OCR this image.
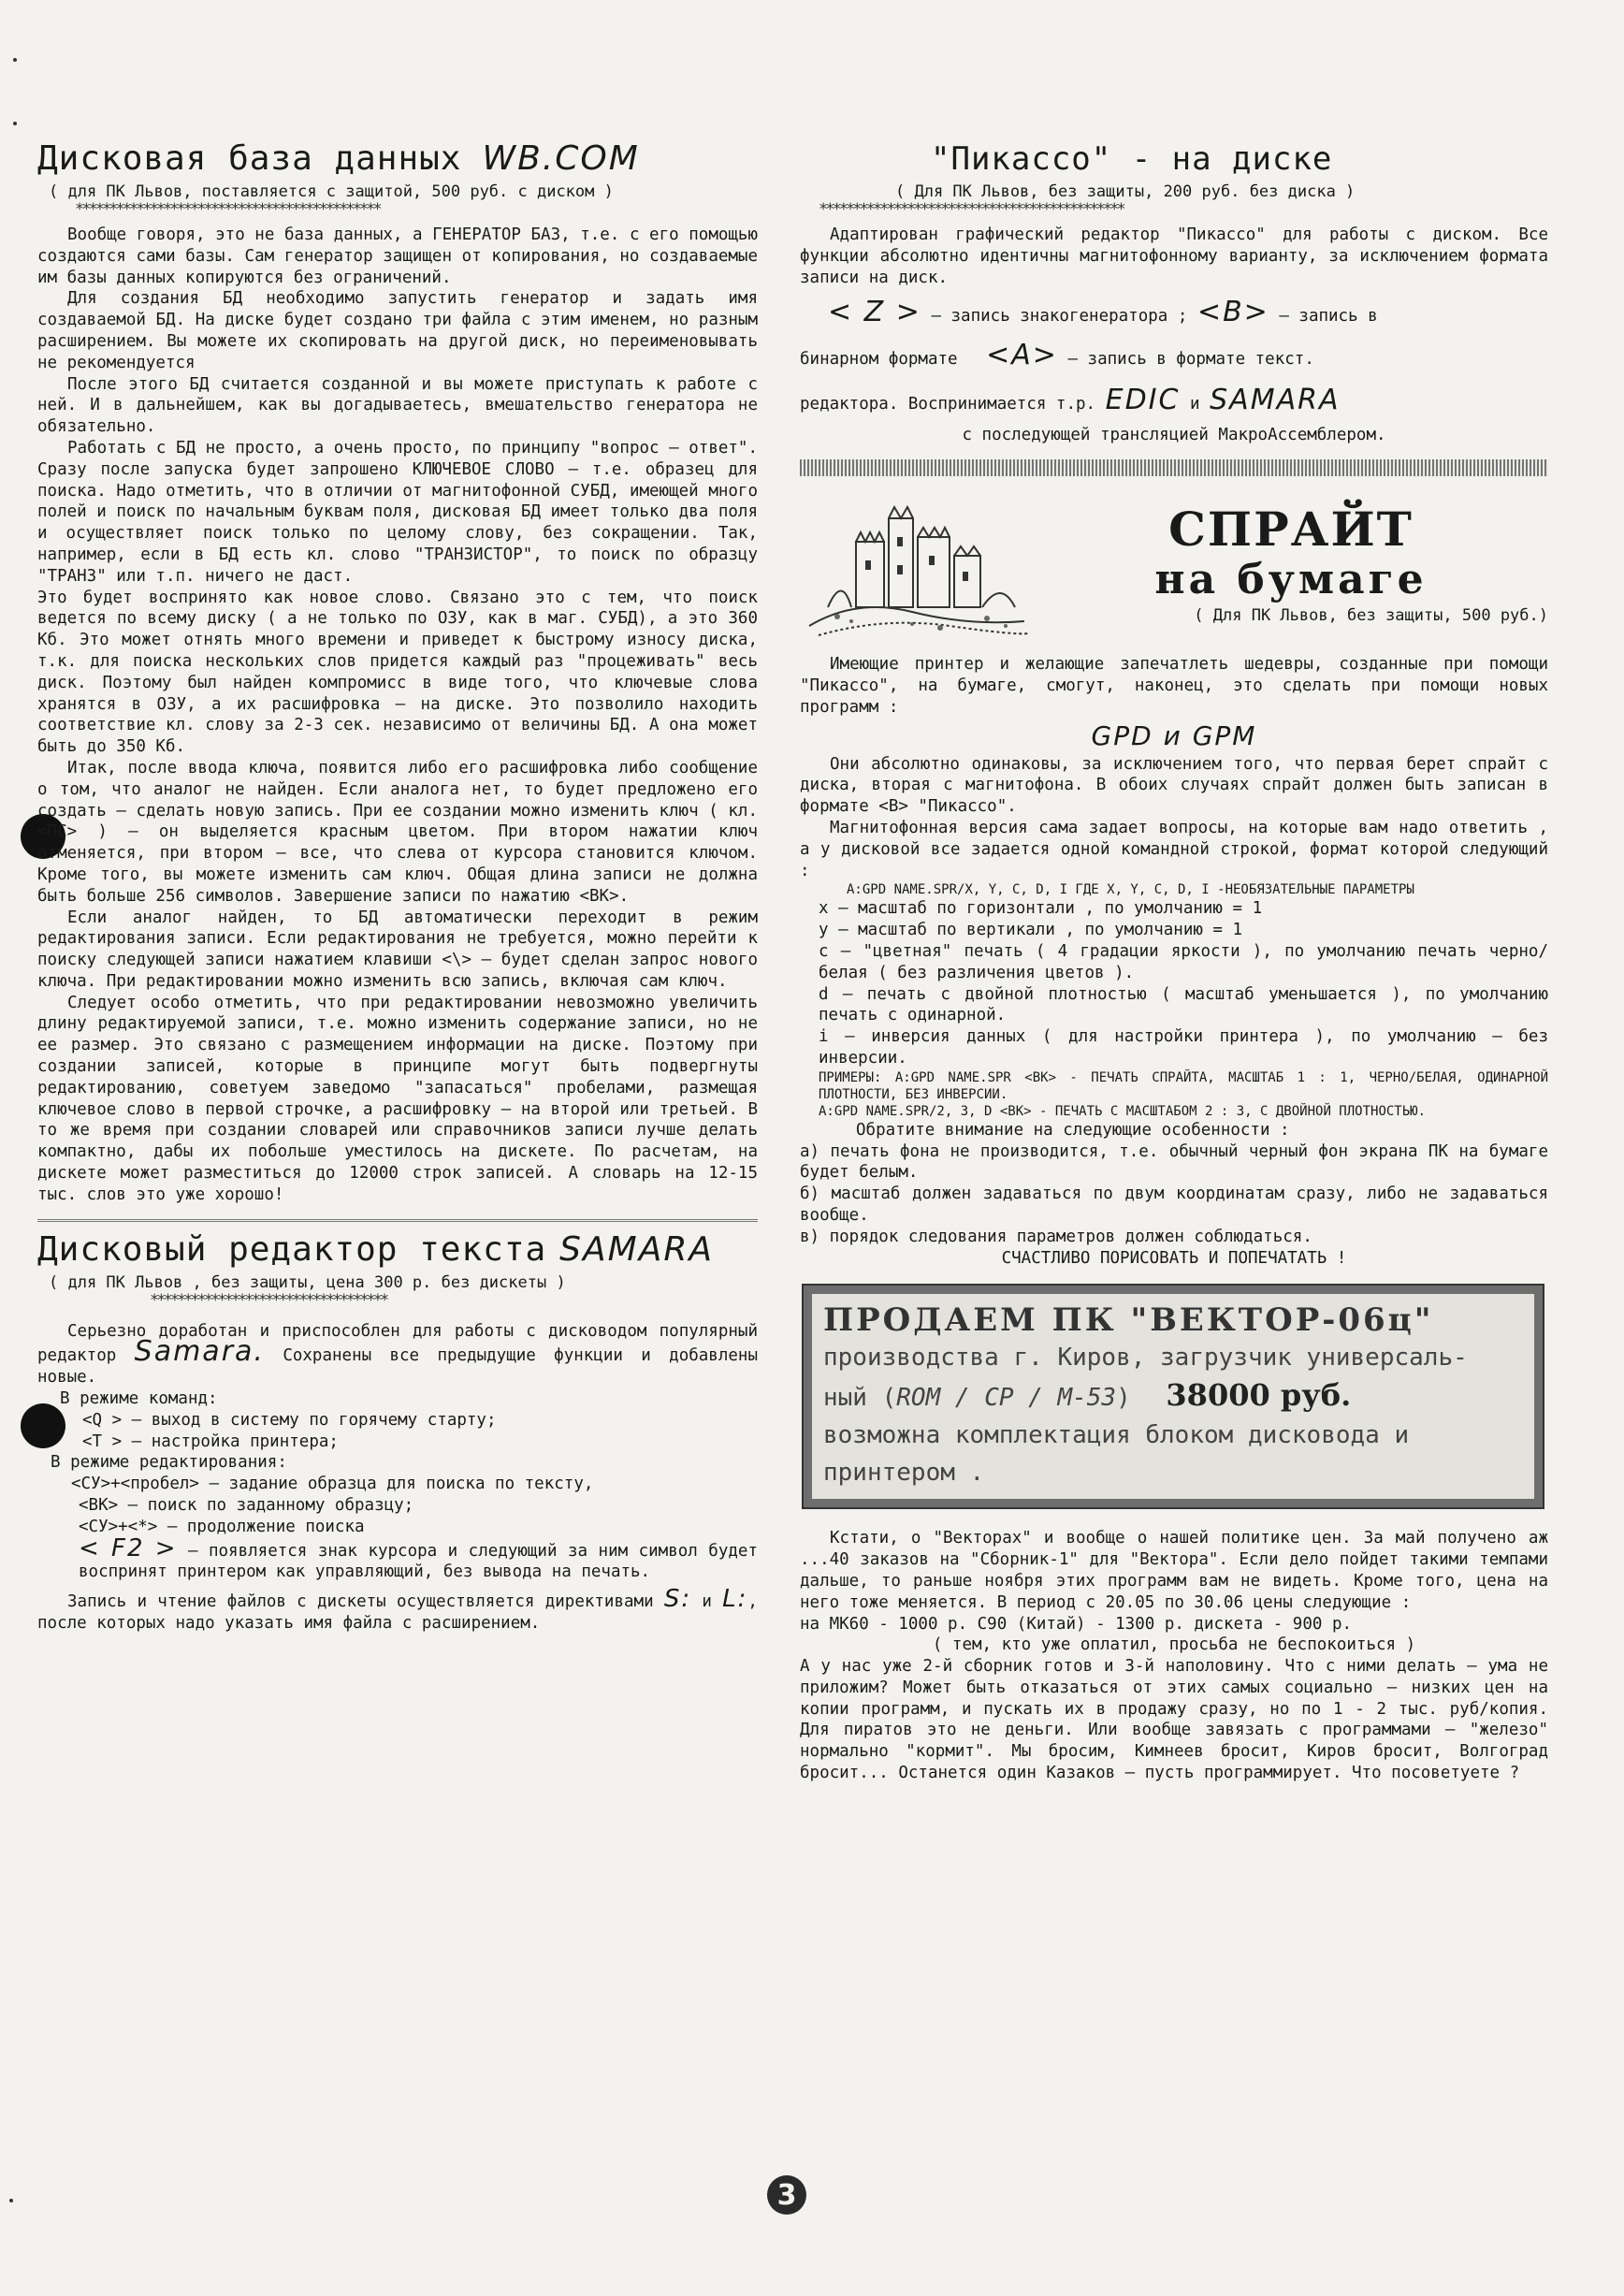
Дисковая база данных WB.COM
( для ПК Львов, поставляется с защитой, 500 руб. с диском )
*********************************************

Вообще говоря, это не база данных, а ГЕНЕРАТОР БАЗ, т.е. с его помощью создаются сами базы. Сам генератор защищен от копирования, но создаваемые им базы данных копируются без ограничений.

Для создания БД необходимо запустить генератор и задать имя создаваемой БД. На диске будет создано три файла с этим именем, но разным расширением. Вы можете их скопировать на другой диск, но переименовывать не рекомендуется

После этого БД считается созданной и вы можете приступать к работе с ней. И в дальнейшем, как вы догадываетесь, вмешательство генератора не обязательно.

Работать с БД не просто, а очень просто, по принципу "вопрос – ответ". Сразу после запуска будет запрошено КЛЮЧЕВОЕ СЛОВО – т.е. образец для поиска. Надо отметить, что в отличии от магнитофонной СУБД, имеющей много полей и поиск по начальным буквам поля, дисковая БД имеет только два поля и осуществляет поиск только по целому слову, без сокращении. Так, например, если в БД есть кл. слово "ТРАНЗИСТОР", то поиск по образцу "ТРАНЗ" или т.п. ничего не даст.

Это будет воспринято как новое слово. Связано это с тем, что поиск ведется по всему диску ( а не только по ОЗУ, как в маг. СУБД), а это 360 Кб. Это может отнять много времени и приведет к быстрому износу диска, т.к. для поиска нескольких слов придется каждый раз "процеживать" весь диск. Поэтому был найден компромисс в виде того, что ключевые слова хранятся в ОЗУ, а их расшифровка – на диске. Это позволило находить соответствие кл. слову за 2-3 сек. независимо от величины БД. А она может быть до 350 Кб.

Итак, после ввода ключа, появится либо его расшифровка либо сообщение о том, что аналог не найден. Если аналога нет, то будет предложено его создать – сделать новую запись. При ее создании можно изменить ключ ( кл. <ПС> ) – он выделяется красным цветом. При втором нажатии ключ отменяется, при втором – все, что слева от курсора становится ключом. Кроме того, вы можете изменить сам ключ. Общая длина записи не должна быть больше 256 символов. Завершение записи по нажатию <ВК>.

Если аналог найден, то БД автоматически переходит в режим редактирования записи. Если редактирования не требуется, можно перейти к поиску следующей записи нажатием клавиши <\> – будет сделан запрос нового ключа. При редактировании можно изменить всю запись, включая сам ключ.

Следует особо отметить, что при редактировании невозможно увеличить длину редактируемой записи, т.е. можно изменить содержание записи, но не ее размер. Это связано с размещением информации на диске. Поэтому при создании записей, которые в принципе могут быть подвергнуты редактированию, советуем заведомо "запасаться" пробелами, размещая ключевое слово в первой строчке, а расшифровку – на второй или третьей. В то же время при создании словарей или справочников записи лучше делать компактно, дабы их побольше уместилось на дискете. По расчетам, на дискете может разместиться до 12000 строк записей. А словарь на 12-15 тыс. слов это уже хорошо!

Дисковый редактор текста SAMARA
( для ПК Львов , без защиты, цена 300 р. без дискеты )
***********************************

Серьезно доработан и приспособлен для работы с дисководом популярный редактор Samara. Сохранены все предыдущие функции и добавлены новые.

В режиме команд:

<Q > – выход в систему по горячему старту;

<T > – настройка принтера;

В режиме редактирования:

<СУ>+<пробел> – задание образца для поиска по тексту,

<ВК> – поиск по заданному образцу;

<СУ>+<*> – продолжение поиска

< F2 > – появляется знак курсора и следующий за ним символ будет воспринят принтером как управляющий, без вывода на печать.

Запись и чтение файлов с дискеты осуществляется директивами S: и L:, после которых надо указать имя файла с расширением.

"Пикассо" - на диске
( Для ПК Львов, без защиты, 200 руб. без диска )
*********************************************

Адаптирован графический редактор "Пикассо" для работы с диском. Все функции абсолютно идентичны магнитофонному варианту, за исключением формата записи на диск.

< Z > – запись знакогенератора ; <B> – запись в

бинарном формате <A> – запись в формате текст.

редактора. Воспринимается т.р. EDIC и SAMARA

с последующей трансляцией МакроАссемблером.

СПРАЙТ
на бумаге
( Для ПК Львов, без защиты, 500 руб.)

Имеющие принтер и желающие запечатлеть шедевры, созданные при помощи "Пикассо", на бумаге, смогут, наконец, это сделать при помощи новых программ :

GPD и GPM

Они абсолютно одинаковы, за исключением того, что первая берет спрайт с диска, вторая с магнитофона. В обоих случаях спрайт должен быть записан в формате <B> "Пикассо".

Магнитофонная версия сама задает вопросы, на которые вам надо ответить , а у дисковой все задается одной командной строкой, формат которой следующий :

A:GPD NAME.SPR/X, Y, C, D, I ГДЕ X, Y, C, D, I -НЕОБЯЗАТЕЛЬНЫЕ ПАРАМЕТРЫ

x – масштаб по горизонтали , по умолчанию = 1

y – масштаб по вертикали , по умолчанию = 1

c – "цветная" печать ( 4 градации яркости ), по умолчанию печать черно/белая ( без различения цветов ).

d – печать с двойной плотностью ( масштаб уменьшается ), по умолчанию печать с одинарной.

i – инверсия данных ( для настройки принтера ), по умолчанию – без инверсии.

ПРИМЕРЫ: A:GPD NAME.SPR <ВК> - ПЕЧАТЬ СПРАЙТА, МАСШТАБ 1 : 1, ЧЕРНО/БЕЛАЯ, ОДИНАРНОЙ ПЛОТНОСТИ, БЕЗ ИНВЕРСИИ.

A:GPD NAME.SPR/2, 3, D <ВК> - ПЕЧАТЬ С МАСШТАБОМ 2 : 3, С ДВОЙНОЙ ПЛОТНОСТЬЮ.

Обратите внимание на следующие особенности :

а) печать фона не производится, т.е. обычный черный фон экрана ПК на бумаге будет белым.

б) масштаб должен задаваться по двум координатам сразу, либо не задаваться вообще.

в) порядок следования параметров должен соблюдаться.

СЧАСТЛИВО ПОРИСОВАТЬ И ПОПЕЧАТАТЬ !

ПРОДАЕМ ПК "ВЕКТОР-06ц"
производства г. Киров, загрузчик универсаль-
ный (ROM / CP / M-53) 38000 руб.
возможна комплектация блоком дисковода и
принтером .

Кстати, о "Векторах" и вообще о нашей политике цен. За май получено аж ...40 заказов на "Сборник-1" для "Вектора". Если дело пойдет такими темпами дальше, то раньше ноября этих программ вам не видеть. Кроме того, цена на него тоже меняется. В период с 20.05 по 30.06 цены следующие :

на МК60 - 1000 р. C90 (Китай) - 1300 р. дискета - 900 р.

( тем, кто уже оплатил, просьба не беспокоиться )

А у нас уже 2-й сборник готов и 3-й наполовину. Что с ними делать – ума не приложим? Может быть отказаться от этих самых социально – низких цен на копии программ, и пускать их в продажу сразу, но по 1 - 2 тыс. руб/копия. Для пиратов это не деньги. Или вообще завязать с программами – "железо" нормально "кормит". Мы бросим, Кимнеев бросит, Киров бросит, Волгоград бросит... Останется один Казаков – пусть программирует. Что посоветуете ?

3
